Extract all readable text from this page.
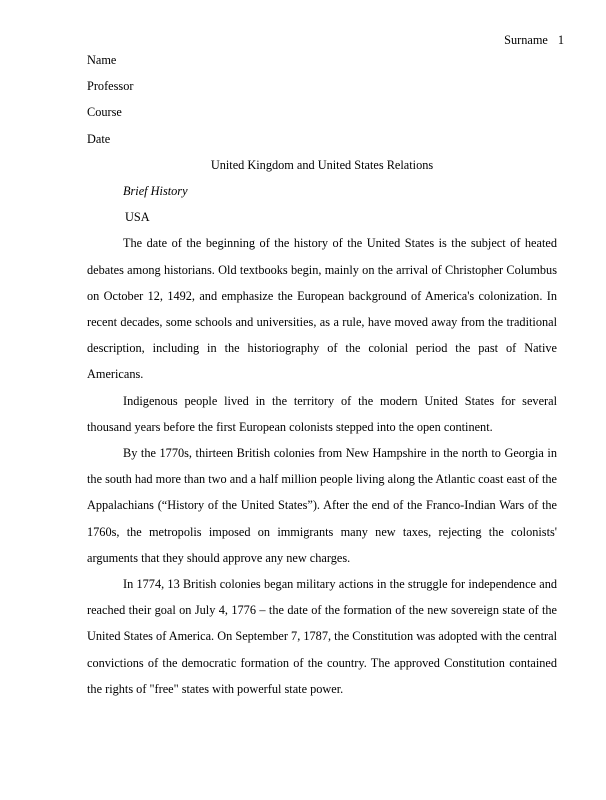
Surname 1

Name

Professor

Course

Date

United Kingdom and United States Relations

Brief History

USA

The date of the beginning of the history of the United States is the subject of heated debates among historians. Old textbooks begin, mainly on the arrival of Christopher Columbus on October 12, 1492, and emphasize the European background of America's colonization. In recent decades, some schools and universities, as a rule, have moved away from the traditional description, including in the historiography of the colonial period the past of Native Americans.

Indigenous people lived in the territory of the modern United States for several thousand years before the first European colonists stepped into the open continent.

By the 1770s, thirteen British colonies from New Hampshire in the north to Georgia in the south had more than two and a half million people living along the Atlantic coast east of the Appalachians (“History of the United States”). After the end of the Franco-Indian Wars of the 1760s, the metropolis imposed on immigrants many new taxes, rejecting the colonists' arguments that they should approve any new charges.

In 1774, 13 British colonies began military actions in the struggle for independence and reached their goal on July 4, 1776 – the date of the formation of the new sovereign state of the United States of America. On September 7, 1787, the Constitution was adopted with the central convictions of the democratic formation of the country. The approved Constitution contained the rights of "free" states with powerful state power.
